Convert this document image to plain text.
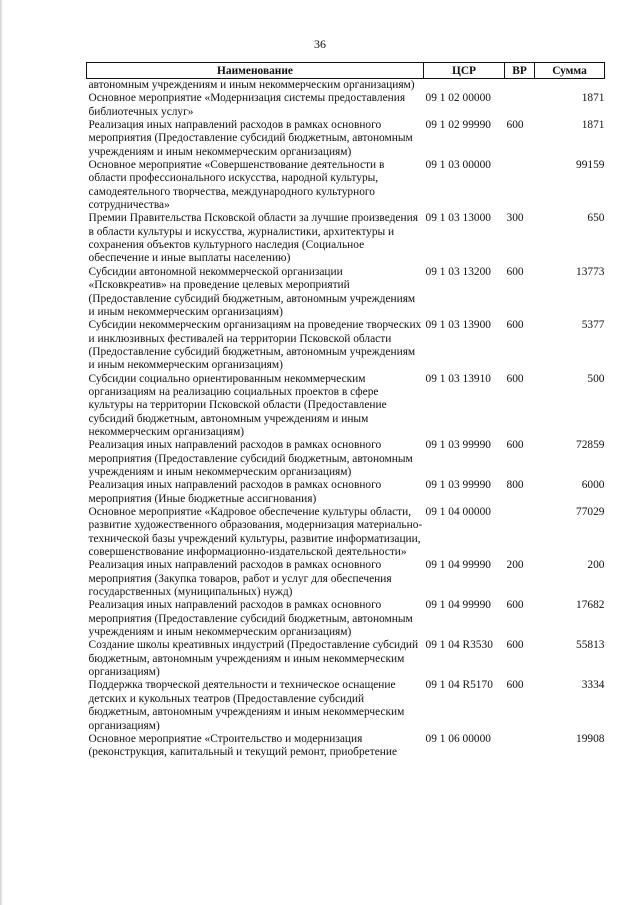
36
Наименование	ЦСР	ВР	Сумма
автономным учреждениям и иным некоммерческим организациям)			
Основное мероприятие «Модернизация системы предоставления библиотечных услуг»	09 1 02 00000		1871
Реализация иных направлений расходов в рамках основного мероприятия (Предоставление субсидий бюджетным, автономным учреждениям и иным некоммерческим организациям)	09 1 02 99990	600	1871
Основное мероприятие «Совершенствование деятельности в области профессионального искусства, народной культуры, самодеятельного творчества, международного культурного сотрудничества»	09 1 03 00000		99159
Премии Правительства Псковской области за лучшие произведения в области культуры и искусства, журналистики, архитектуры и сохранения объектов культурного наследия (Социальное обеспечение и иные выплаты населению)	09 1 03 13000	300	650
Субсидии автономной некоммерческой организации «Псковкреатив» на проведение целевых мероприятий (Предоставление субсидий бюджетным, автономным учреждениям и иным некоммерческим организациям)	09 1 03 13200	600	13773
Субсидии некоммерческим организациям на проведение творческих и инклюзивных фестивалей на территории Псковской области (Предоставление субсидий бюджетным, автономным учреждениям и иным некоммерческим организациям)	09 1 03 13900	600	5377
Субсидии социально ориентированным некоммерческим организациям на реализацию социальных проектов в сфере культуры на территории Псковской области (Предоставление субсидий бюджетным, автономным учреждениям и иным некоммерческим организациям)	09 1 03 13910	600	500
Реализация иных направлений расходов в рамках основного мероприятия (Предоставление субсидий бюджетным, автономным учреждениям и иным некоммерческим организациям)	09 1 03 99990	600	72859
Реализация иных направлений расходов в рамках основного мероприятия (Иные бюджетные ассигнования)	09 1 03 99990	800	6000
Основное мероприятие «Кадровое обеспечение культуры области, развитие художественного образования, модернизация материально-технической базы учреждений культуры, развитие информатизации, совершенствование информационно-издательской деятельности»	09 1 04 00000		77029
Реализация иных направлений расходов в рамках основного мероприятия (Закупка товаров, работ и услуг для обеспечения государственных (муниципальных) нужд)	09 1 04 99990	200	200
Реализация иных направлений расходов в рамках основного мероприятия (Предоставление субсидий бюджетным, автономным учреждениям и иным некоммерческим организациям)	09 1 04 99990	600	17682
Создание школы креативных индустрий (Предоставление субсидий бюджетным, автономным учреждениям и иным некоммерческим организациям)	09 1 04 R3530	600	55813
Поддержка творческой деятельности и техническое оснащение детских и кукольных театров (Предоставление субсидий бюджетным, автономным учреждениям и иным некоммерческим организациям)	09 1 04 R5170	600	3334
Основное мероприятие «Строительство и модернизация (реконструкция, капитальный и текущий ремонт, приобретение	09 1 06 00000		19908
